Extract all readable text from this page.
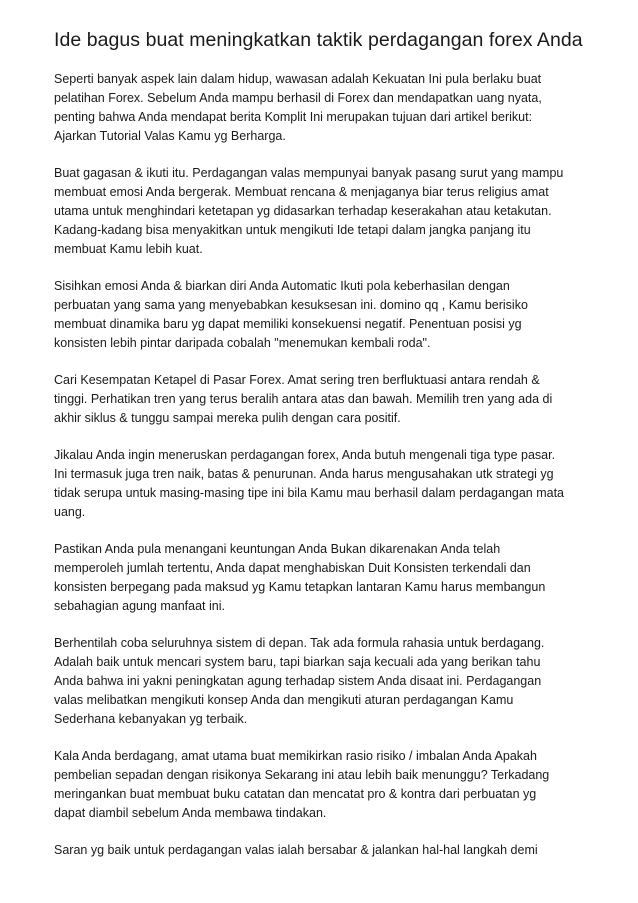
Ide bagus buat meningkatkan taktik perdagangan forex Anda

Seperti banyak aspek lain dalam hidup, wawasan adalah Kekuatan Ini pula berlaku buat
pelatihan Forex. Sebelum Anda mampu berhasil di Forex dan mendapatkan uang nyata,
penting bahwa Anda mendapat berita Komplit Ini merupakan tujuan dari artikel berikut:
Ajarkan Tutorial Valas Kamu yg Berharga.

Buat gagasan & ikuti itu. Perdagangan valas mempunyai banyak pasang surut yang mampu
membuat emosi Anda bergerak. Membuat rencana & menjaganya biar terus religius amat
utama untuk menghindari ketetapan yg didasarkan terhadap keserakahan atau ketakutan.
Kadang-kadang bisa menyakitkan untuk mengikuti Ide tetapi dalam jangka panjang itu
membuat Kamu lebih kuat.

Sisihkan emosi Anda & biarkan diri Anda Automatic Ikuti pola keberhasilan dengan
perbuatan yang sama yang menyebabkan kesuksesan ini. domino qq , Kamu berisiko
membuat dinamika baru yg dapat memiliki konsekuensi negatif. Penentuan posisi yg
konsisten lebih pintar daripada cobalah "menemukan kembali roda".

Cari Kesempatan Ketapel di Pasar Forex. Amat sering tren berfluktuasi antara rendah &
tinggi. Perhatikan tren yang terus beralih antara atas dan bawah. Memilih tren yang ada di
akhir siklus & tunggu sampai mereka pulih dengan cara positif.

Jikalau Anda ingin meneruskan perdagangan forex, Anda butuh mengenali tiga type pasar.
Ini termasuk juga tren naik, batas & penurunan. Anda harus mengusahakan utk strategi yg
tidak serupa untuk masing-masing tipe ini bila Kamu mau berhasil dalam perdagangan mata
uang.

Pastikan Anda pula menangani keuntungan Anda Bukan dikarenakan Anda telah
memperoleh jumlah tertentu, Anda dapat menghabiskan Duit Konsisten terkendali dan
konsisten berpegang pada maksud yg Kamu tetapkan lantaran Kamu harus membangun
sebahagian agung manfaat ini.

Berhentilah coba seluruhnya sistem di depan. Tak ada formula rahasia untuk berdagang.
Adalah baik untuk mencari system baru, tapi biarkan saja kecuali ada yang berikan tahu
Anda bahwa ini yakni peningkatan agung terhadap sistem Anda disaat ini. Perdagangan
valas melibatkan mengikuti konsep Anda dan mengikuti aturan perdagangan Kamu
Sederhana kebanyakan yg terbaik.

Kala Anda berdagang, amat utama buat memikirkan rasio risiko / imbalan Anda Apakah
pembelian sepadan dengan risikonya Sekarang ini atau lebih baik menunggu? Terkadang
meringankan buat membuat buku catatan dan mencatat pro & kontra dari perbuatan yg
dapat diambil sebelum Anda membawa tindakan.

Saran yg baik untuk perdagangan valas ialah bersabar & jalankan hal-hal langkah demi
